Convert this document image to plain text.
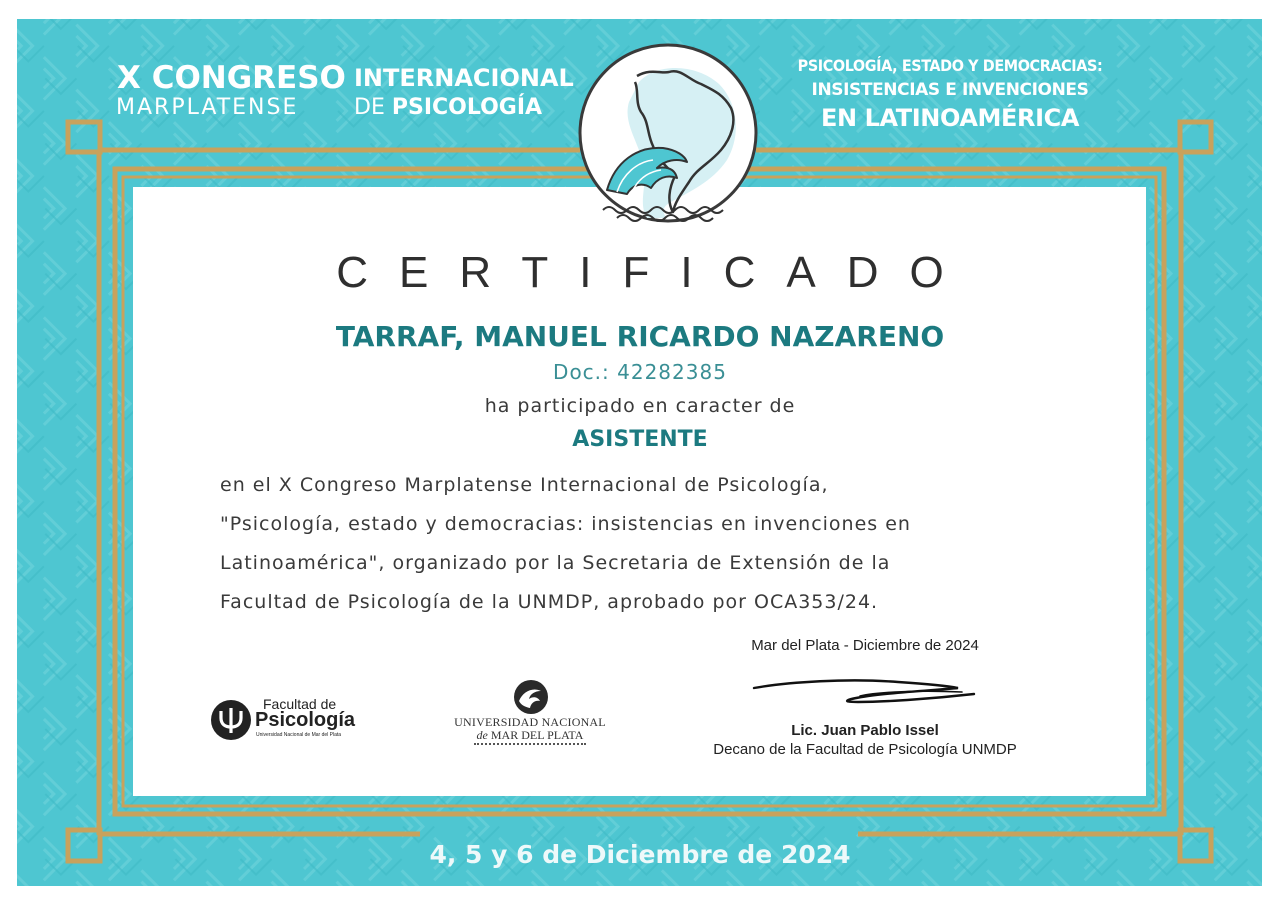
X CONGRESO
MARPLATENSE
INTERNACIONAL
DE PSICOLOGÍA
PSICOLOGÍA, ESTADO Y DEMOCRACIAS:
INSISTENCIAS E INVENCIONES
EN LATINOAMÉRICA
CERTIFICADO
TARRAF, MANUEL RICARDO NAZARENO
Doc.: 42282385
ha participado en caracter de
ASISTENTE
en el X Congreso Marplatense Internacional de Psicología,
"Psicología, estado y democracias: insistencias en invenciones en
Latinoamérica", organizado por la Secretaria de Extensión de la
Facultad de Psicología de la UNMDP, aprobado por OCA353/24.
Facultad de
Psicología
Universidad Nacional de Mar del Plata
UNIVERSIDAD NACIONAL
de MAR DEL PLATA
Mar del Plata - Diciembre de 2024
Lic. Juan Pablo Issel
Decano de la Facultad de Psicología UNMDP
4, 5 y 6 de Diciembre de 2024
